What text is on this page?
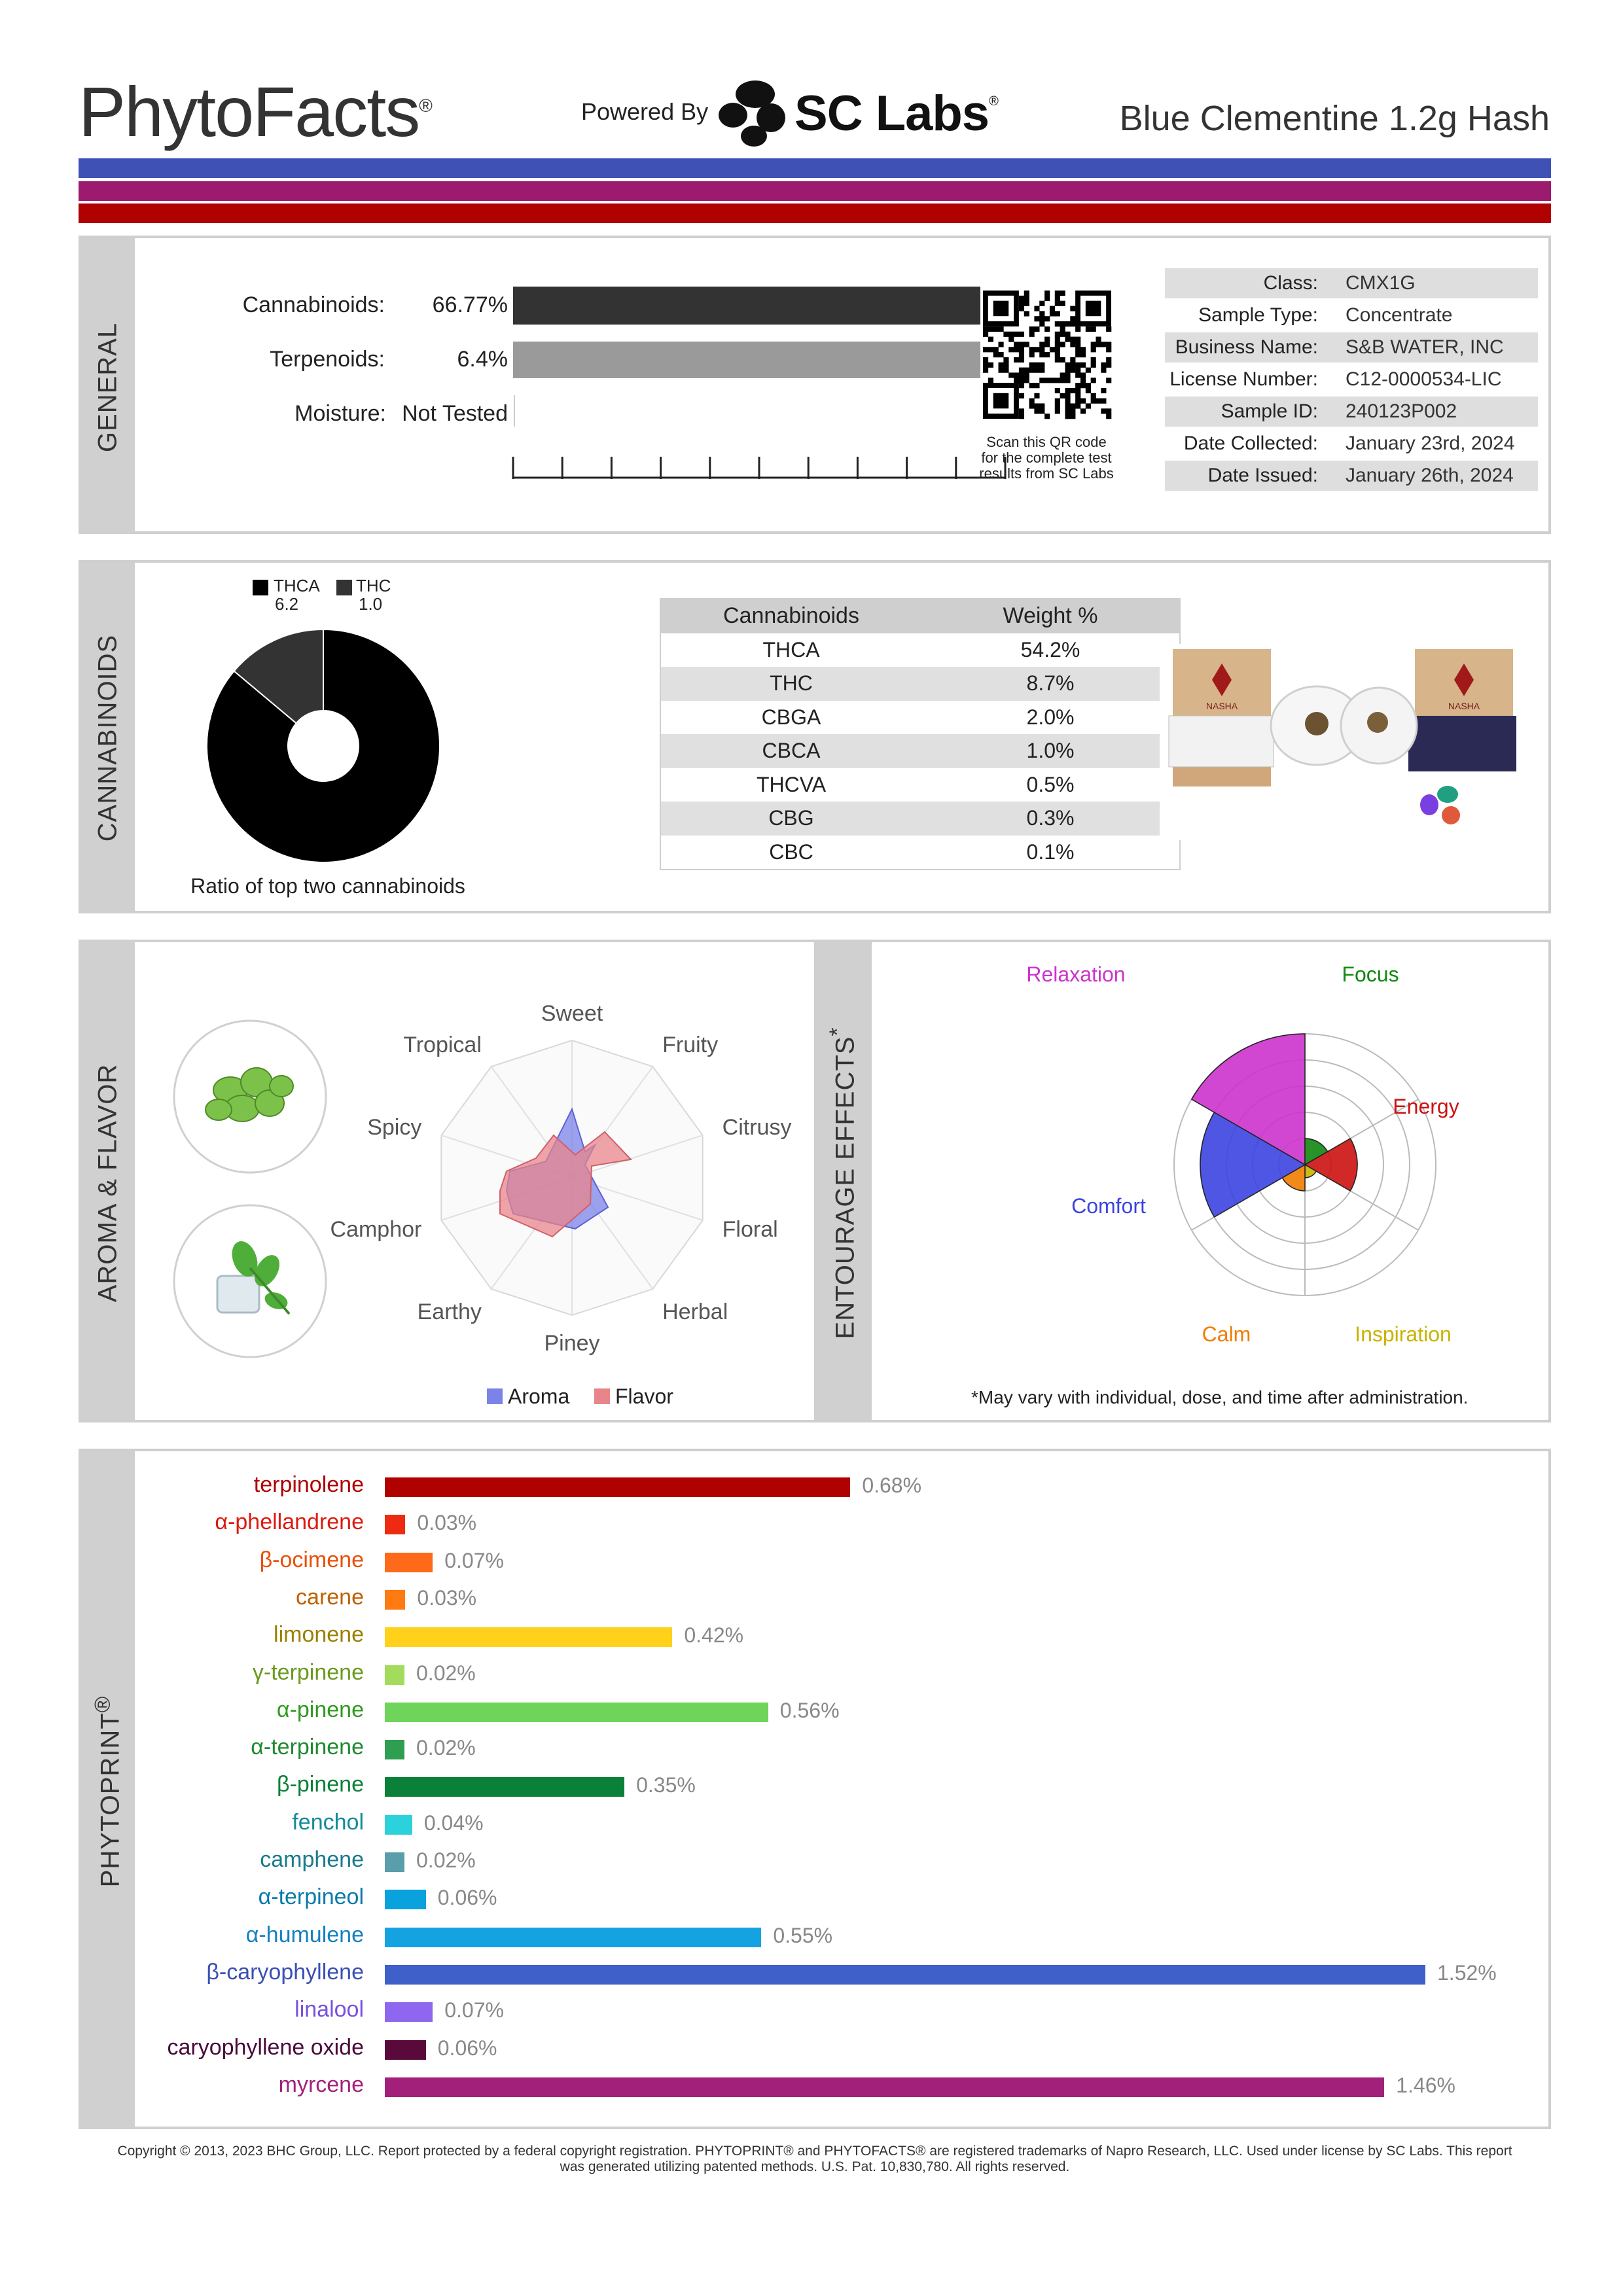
PhytoFacts®	Powered By SC Labs®	Blue Clementine 1.2g Hash
GENERAL
Cannabinoids: 66.77%
Terpenoids:	6.4%
Moisture: Not Tested
Scan this QR code
for the complete test
results from SC Labs
Class: CMX1G
Sample Type: Concentrate
Business Name: S&B WATER, INC
License Number: C12-0000534-LIC
Sample ID: 240123P002
Date Collected: January 23rd, 2024
Date Issued: January 26th, 2024
CANNABINOIDS
THCA
6.2
THC
1.0
Ratio of top two cannabinoids
Cannabinoids	Weight %
THCA	54.2%
THC	8.7%
CBGA	2.0%
CBCA	1.0%
THCVA	0.5%
CBG	0.3%
CBC	0.1%
NASHA	NASHA
AROMA & FLAVOR
Sweet
Fruity
Citrusy
Floral
Herbal
Piney
Earthy
Camphor
Spicy
Tropical
Aroma Flavor
ENTOURAGE EFFECTS*
Relaxation	Focus
Energy
Inspiration
Calm
Comfort
*May vary with individual, dose, and time after administration.
PHYTOPRINT®
terpinolene	0.68%
α-phellandrene	0.03%
β-ocimene	0.07%
carene	0.03%
limonene	0.42%
γ-terpinene	0.02%
α-pinene	0.56%
α-terpinene	0.02%
β-pinene	0.35%
fenchol	0.04%
camphene	0.02%
α-terpineol	0.06%
α-humulene	0.55%
β-caryophyllene	1.52%
linalool	0.07%
caryophyllene oxide	0.06%
myrcene	1.46%
Copyright © 2013, 2023 BHC Group, LLC. Report protected by a federal copyright registration. PHYTOPRINT® and PHYTOFACTS® are registered trademarks of Napro Research, LLC. Used under license by SC Labs. This report
was generated utilizing patented methods. U.S. Pat. 10,830,780. All rights reserved.
